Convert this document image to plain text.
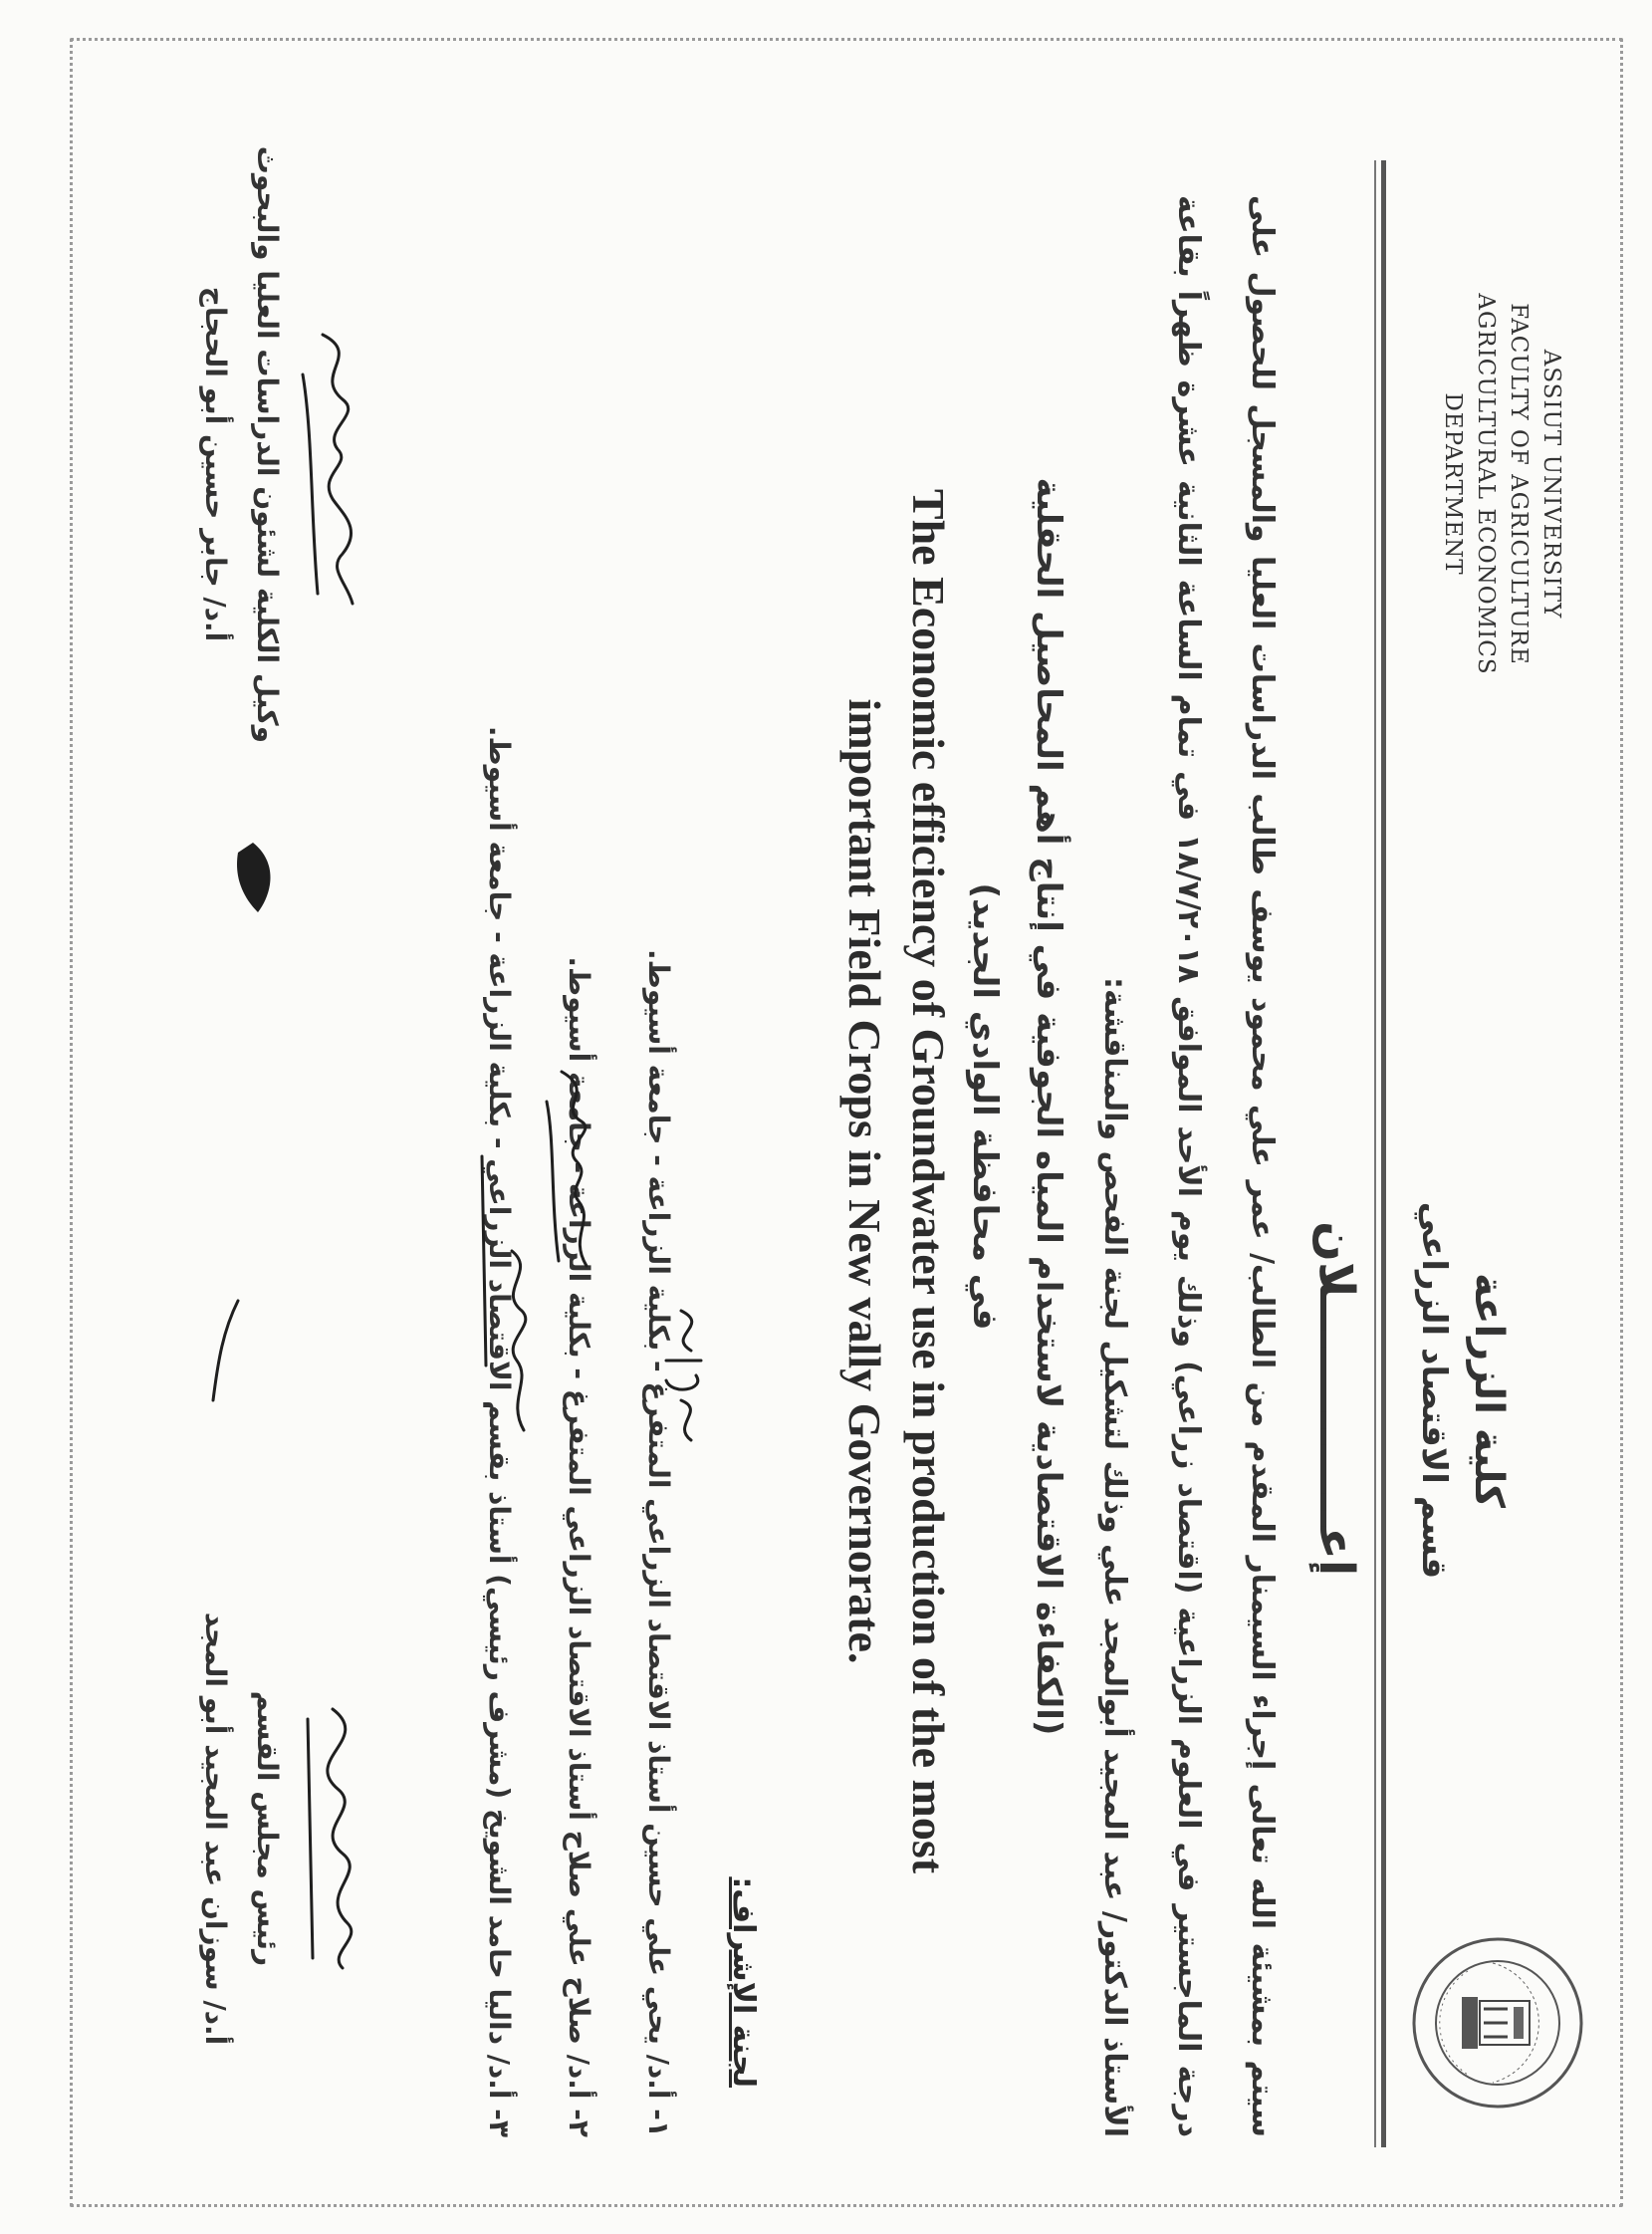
ASSIUT UNIVERSITY
FACULTY OF AGRICULTURE
AGRICULTURAL ECONOMICS
DEPARTMENT
كلية الزراعة
قسم الاقتصاد الزراعي
إعــــــــــــــلان
سيتم بمشيئة الله تعالى إجراء السيمنار المقدم من الطالب/ عمر علي محمود يوسف طالب الدراسات العليا والمسجل للحصول على درجة الماجستير في العلوم الزراعية (اقتصاد زراعي) وذلك يوم الأحد الموافق ١٨/٧/٢٠١٨ في تمام الساعة الثانية عشرة ظهراً بقاعة الأستاذ الدكتور/ عبد المجيد أبوالمجد علي وذلك لتشكيل لجنة الفحص والمناقشة:
(الكفاءة الاقتصادية لاستخدام المياه الجوفية في إنتاج أهم المحاصيل الحقلية
في محافظة الوادي الجديد)
The Economic efficiency of Groundwater use in production of the most
important Field Crops in New vally Governorate.
لجنة الإشراف:
١- أ.د/ يحي علي حسين أستاذ الاقتصاد الزراعي المتفرغ - بكلية الزراعة - جامعة أسيوط.
٢- أ.د/ صلاح علي صلاح أستاذ الاقتصاد الزراعي المتفرغ - بكلية الزراعة - جامعة أسيوط.
٣- أ.د/ داليا حامد الشويخ (مشرف رئيسي) أستاذ بقسم الاقتصاد الزراعي - بكلية الزراعة - جامعة أسيوط.
وكيل الكلية لشئون الدراسات العليا والبحوث
أ.د/ جابر حسين أبو الحجاج
رئيس مجلس القسم
أ.د/ سوزان عبد المجيد أبو المجد
